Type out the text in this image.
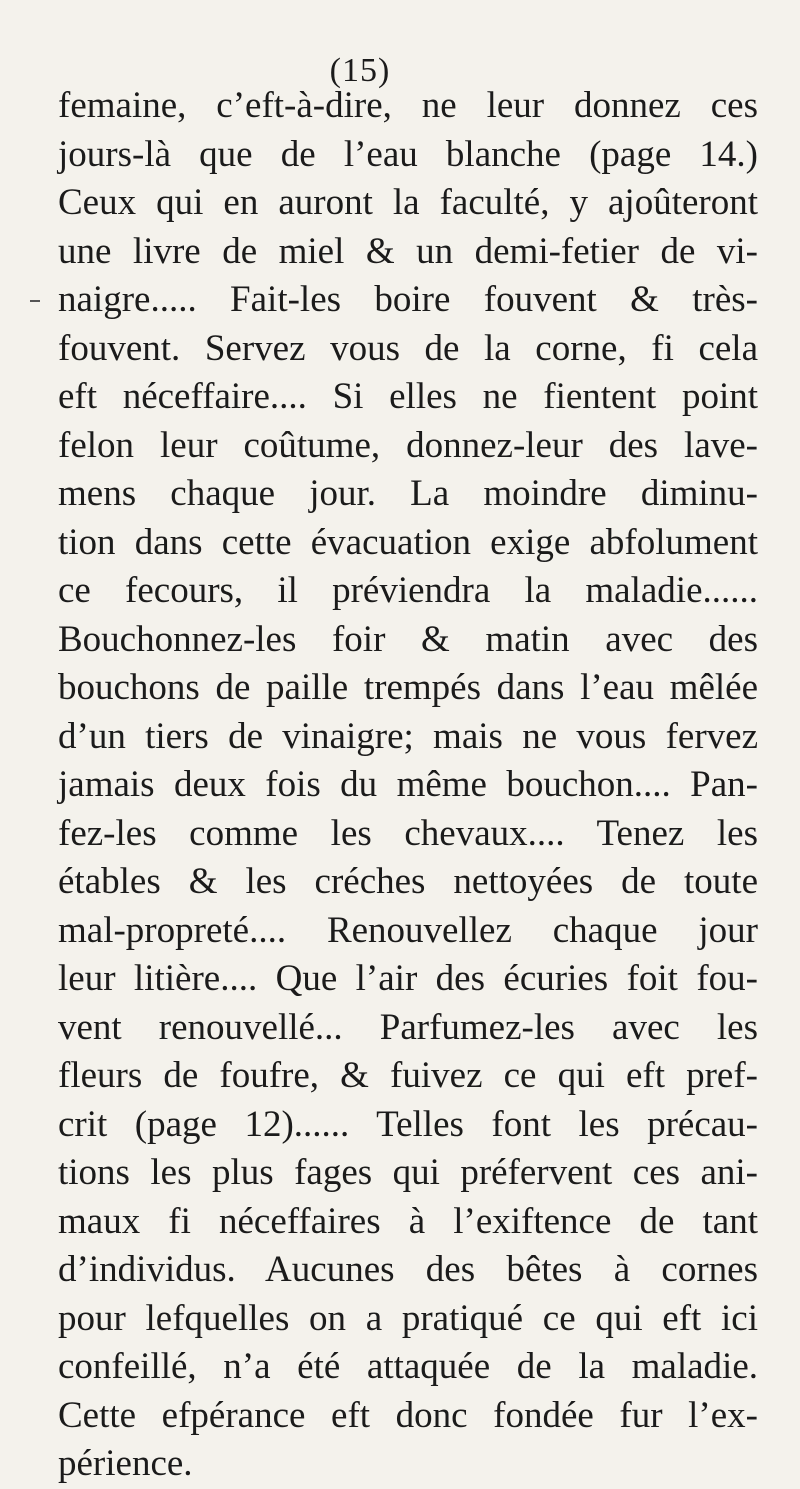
(15)
femaine, c’eft-à-dire, ne leur donnez ces
jours-là que de l’eau blanche (page 14.)
Ceux qui en auront la faculté, y ajoûteront
une livre de miel & un demi-fetier de vi-
naigre..... Fait-les boire fouvent & très-
fouvent. Servez vous de la corne, fi cela
eft néceffaire.... Si elles ne fientent point
felon leur coûtume, donnez-leur des lave-
mens chaque jour. La moindre diminu-
tion dans cette évacuation exige abfolument
ce fecours, il préviendra la maladie......
Bouchonnez-les foir & matin avec des
bouchons de paille trempés dans l’eau mêlée
d’un tiers de vinaigre; mais ne vous fervez
jamais deux fois du même bouchon.... Pan-
fez-les comme les chevaux.... Tenez les
étables & les créches nettoyées de toute
mal-propreté.... Renouvellez chaque jour
leur litière.... Que l’air des écuries foit fou-
vent renouvellé... Parfumez-les avec les
fleurs de foufre, & fuivez ce qui eft pref-
crit (page 12)...... Telles font les précau-
tions les plus fages qui préfervent ces ani-
maux fi néceffaires à l’exiftence de tant
d’individus. Aucunes des bêtes à cornes
pour lefquelles on a pratiqué ce qui eft ici
confeillé, n’a été attaquée de la maladie.
Cette efpérance eft donc fondée fur l’ex-
périence.
